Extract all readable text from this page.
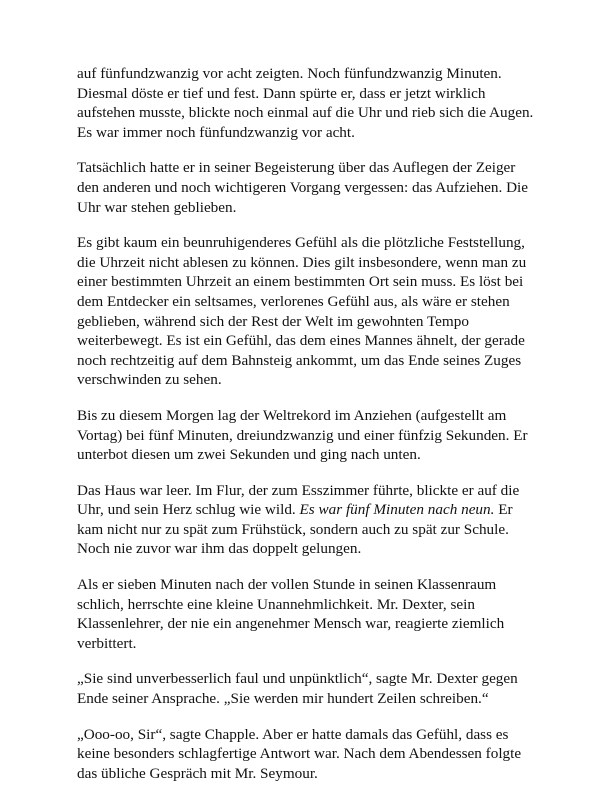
auf fünfundzwanzig vor acht zeigten. Noch fünfundzwanzig Minuten. Diesmal döste er tief und fest. Dann spürte er, dass er jetzt wirklich aufstehen musste, blickte noch einmal auf die Uhr und rieb sich die Augen. Es war immer noch fünfundzwanzig vor acht.

Tatsächlich hatte er in seiner Begeisterung über das Auflegen der Zeiger den anderen und noch wichtigeren Vorgang vergessen: das Aufziehen. Die Uhr war stehen geblieben.

Es gibt kaum ein beunruhigenderes Gefühl als die plötzliche Feststellung, die Uhrzeit nicht ablesen zu können. Dies gilt insbesondere, wenn man zu einer bestimmten Uhrzeit an einem bestimmten Ort sein muss. Es löst bei dem Entdecker ein seltsames, verlorenes Gefühl aus, als wäre er stehen geblieben, während sich der Rest der Welt im gewohnten Tempo weiterbewegt. Es ist ein Gefühl, das dem eines Mannes ähnelt, der gerade noch rechtzeitig auf dem Bahnsteig ankommt, um das Ende seines Zuges verschwinden zu sehen.

Bis zu diesem Morgen lag der Weltrekord im Anziehen (aufgestellt am Vortag) bei fünf Minuten, dreiundzwanzig und einer fünfzig Sekunden. Er unterbot diesen um zwei Sekunden und ging nach unten.

Das Haus war leer. Im Flur, der zum Esszimmer führte, blickte er auf die Uhr, und sein Herz schlug wie wild. Es war fünf Minuten nach neun. Er kam nicht nur zu spät zum Frühstück, sondern auch zu spät zur Schule. Noch nie zuvor war ihm das doppelt gelungen.

Als er sieben Minuten nach der vollen Stunde in seinen Klassenraum schlich, herrschte eine kleine Unannehmlichkeit. Mr. Dexter, sein Klassenlehrer, der nie ein angenehmer Mensch war, reagierte ziemlich verbittert.

„Sie sind unverbesserlich faul und unpünktlich“, sagte Mr. Dexter gegen Ende seiner Ansprache. „Sie werden mir hundert Zeilen schreiben.“

„Ooo-oo, Sir“, sagte Chapple. Aber er hatte damals das Gefühl, dass es keine besonders schlagfertige Antwort war. Nach dem Abendessen folgte das übliche Gespräch mit Mr. Seymour.
